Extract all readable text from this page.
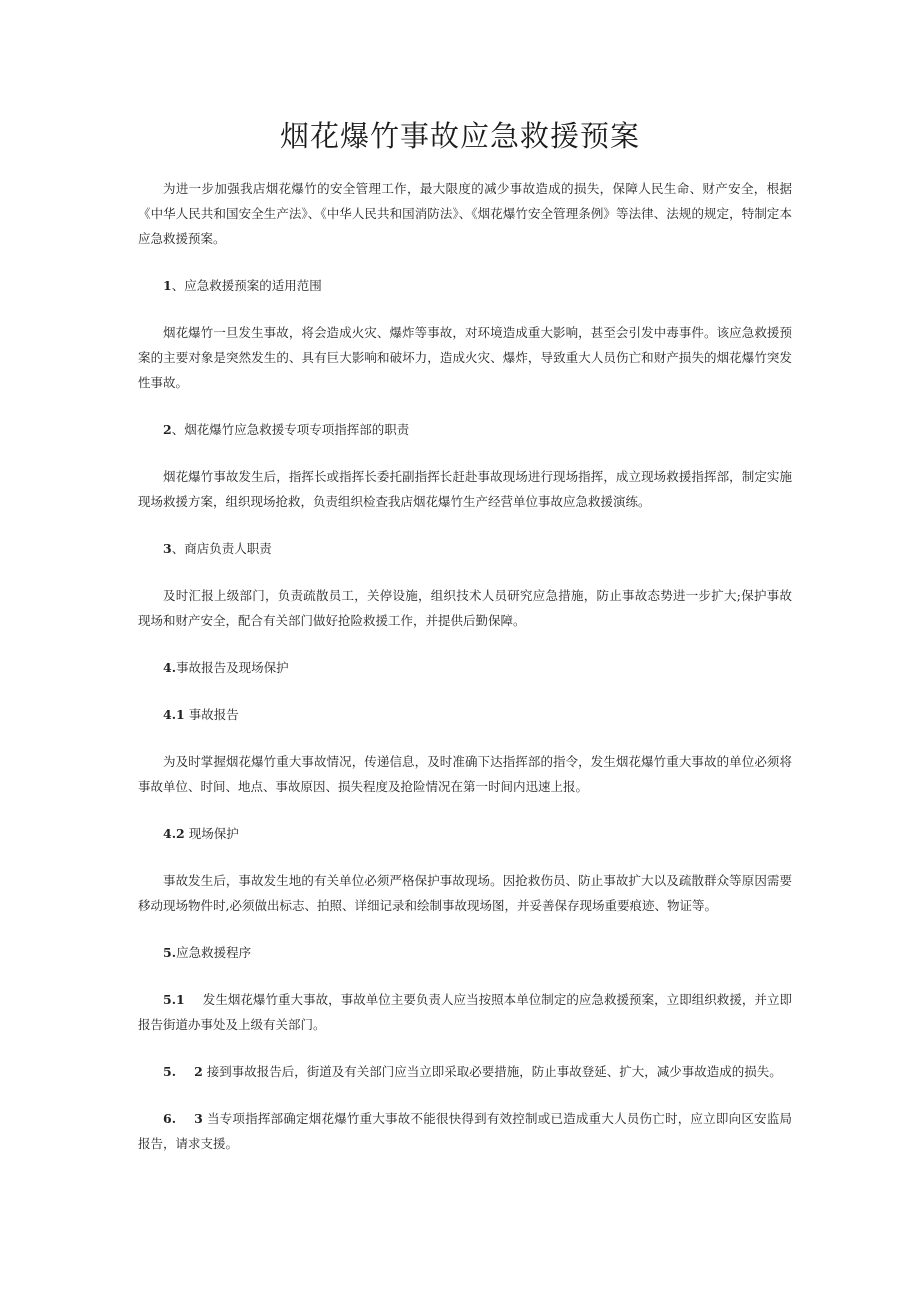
烟花爆竹事故应急救援预案

为进一步加强我店烟花爆竹的安全管理工作，最大限度的减少事故造成的损失，保障人民生命、财产安全，根据《中华人民共和国安全生产法》、《中华人民共和国消防法》、《烟花爆竹安全管理条例》等法律、法规的规定，特制定本应急救援预案。

1、应急救援预案的适用范围

烟花爆竹一旦发生事故，将会造成火灾、爆炸等事故，对环境造成重大影响，甚至会引发中毒事件。该应急救援预案的主要对象是突然发生的、具有巨大影响和破坏力，造成火灾、爆炸，导致重大人员伤亡和财产损失的烟花爆竹突发性事故。

2、烟花爆竹应急救援专项专项指挥部的职责

烟花爆竹事故发生后，指挥长或指挥长委托副指挥长赶赴事故现场进行现场指挥，成立现场救援指挥部，制定实施现场救援方案，组织现场抢救，负责组织检查我店烟花爆竹生产经营单位事故应急救援演练。

3、商店负责人职责

及时汇报上级部门，负责疏散员工，关停设施，组织技术人员研究应急措施，防止事故态势进一步扩大;保护事故现场和财产安全，配合有关部门做好抢险救援工作，并提供后勤保障。

4.事故报告及现场保护

4.1 事故报告

为及时掌握烟花爆竹重大事故情况，传递信息，及时准确下达指挥部的指令，发生烟花爆竹重大事故的单位必须将事故单位、时间、地点、事故原因、损失程度及抢险情况在第一时间内迅速上报。

4.2 现场保护

事故发生后，事故发生地的有关单位必须严格保护事故现场。因抢救伤员、防止事故扩大以及疏散群众等原因需要移动现场物件时,必须做出标志、拍照、详细记录和绘制事故现场图，并妥善保存现场重要痕迹、物证等。

5.应急救援程序

5.1 发生烟花爆竹重大事故，事故单位主要负责人应当按照本单位制定的应急救援预案，立即组织救援，并立即报告街道办事处及上级有关部门。

5. 2 接到事故报告后，街道及有关部门应当立即采取必要措施，防止事故登延、扩大，减少事故造成的损失。

6. 3 当专项指挥部确定烟花爆竹重大事故不能很快得到有效控制或已造成重大人员伤亡时，应立即向区安监局报告，请求支援。
